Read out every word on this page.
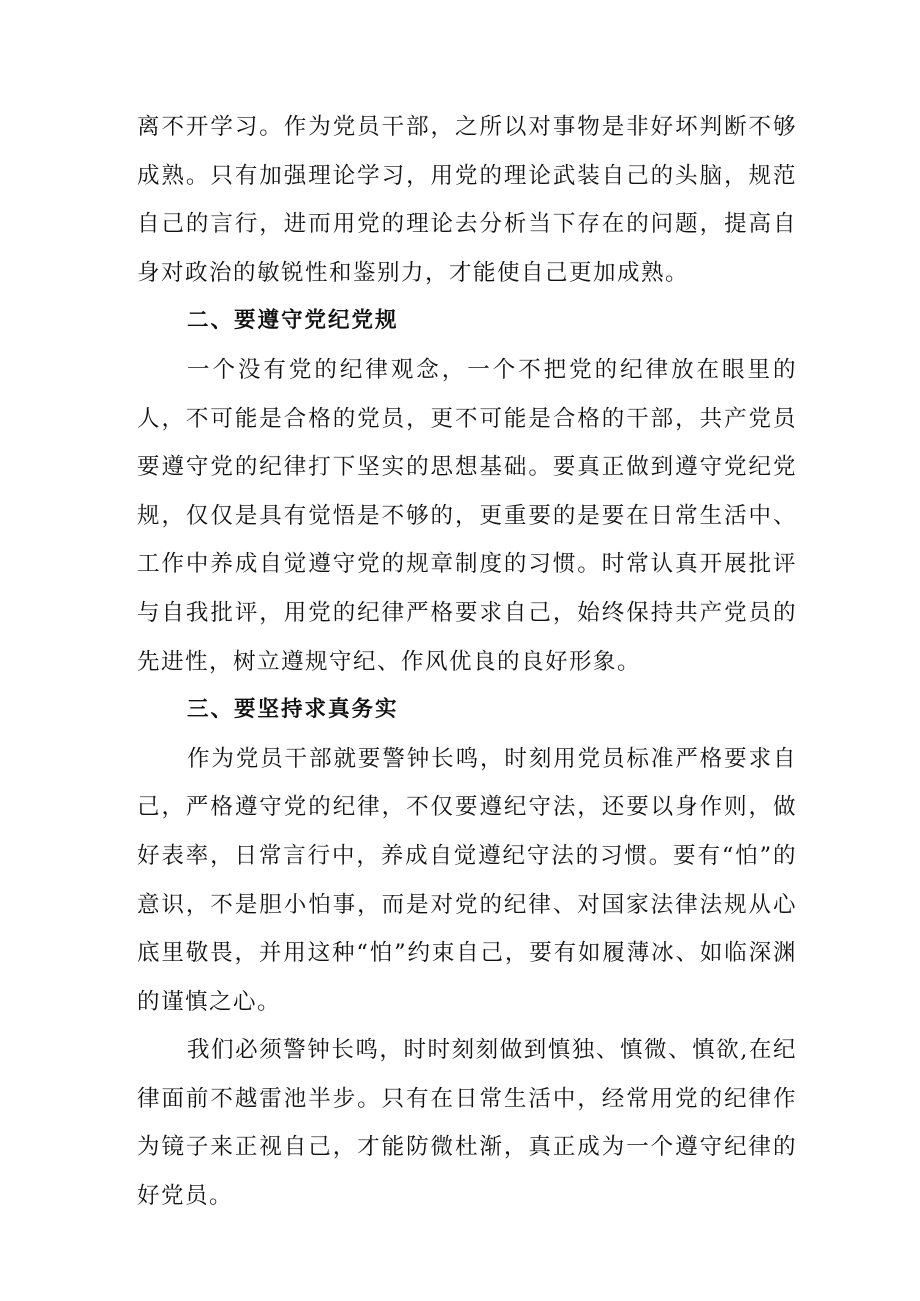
离不开学习。作为党员干部，之所以对事物是非好坏判断不够成熟。只有加强理论学习，用党的理论武装自己的头脑，规范自己的言行，进而用党的理论去分析当下存在的问题，提高自身对政治的敏锐性和鉴别力，才能使自己更加成熟。

二、要遵守党纪党规

一个没有党的纪律观念，一个不把党的纪律放在眼里的人，不可能是合格的党员，更不可能是合格的干部，共产党员要遵守党的纪律打下坚实的思想基础。要真正做到遵守党纪党规，仅仅是具有觉悟是不够的，更重要的是要在日常生活中、工作中养成自觉遵守党的规章制度的习惯。时常认真开展批评与自我批评，用党的纪律严格要求自己，始终保持共产党员的先进性，树立遵规守纪、作风优良的良好形象。

三、要坚持求真务实

作为党员干部就要警钟长鸣，时刻用党员标准严格要求自己，严格遵守党的纪律，不仅要遵纪守法，还要以身作则，做好表率，日常言行中，养成自觉遵纪守法的习惯。要有“怕”的意识，不是胆小怕事，而是对党的纪律、对国家法律法规从心底里敬畏，并用这种“怕”约束自己，要有如履薄冰、如临深渊的谨慎之心。

我们必须警钟长鸣，时时刻刻做到慎独、慎微、慎欲,在纪律面前不越雷池半步。只有在日常生活中，经常用党的纪律作为镜子来正视自己，才能防微杜渐，真正成为一个遵守纪律的好党员。
